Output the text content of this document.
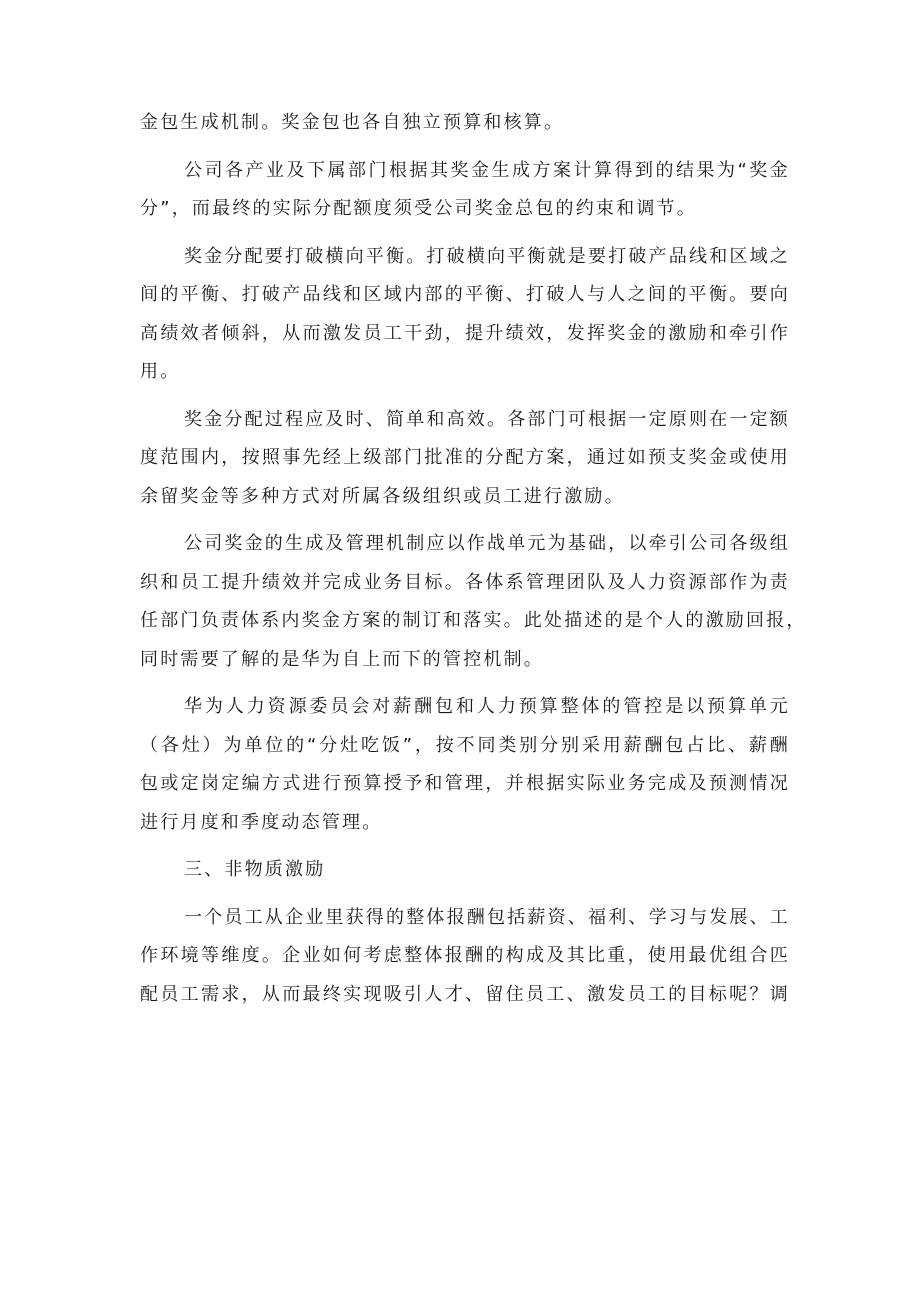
金包生成机制。奖金包也各自独立预算和核算。
公司各产业及下属部门根据其奖金生成方案计算得到的结果为“奖金
分”，而最终的实际分配额度须受公司奖金总包的约束和调节。
奖金分配要打破横向平衡。打破横向平衡就是要打破产品线和区域之
间的平衡、打破产品线和区域内部的平衡、打破人与人之间的平衡。要向
高绩效者倾斜，从而激发员工干劲，提升绩效，发挥奖金的激励和牵引作
用。
奖金分配过程应及时、简单和高效。各部门可根据一定原则在一定额
度范围内，按照事先经上级部门批准的分配方案，通过如预支奖金或使用
余留奖金等多种方式对所属各级组织或员工进行激励。
公司奖金的生成及管理机制应以作战单元为基础，以牵引公司各级组
织和员工提升绩效并完成业务目标。各体系管理团队及人力资源部作为责
任部门负责体系内奖金方案的制订和落实。此处描述的是个人的激励回报，
同时需要了解的是华为自上而下的管控机制。
华为人力资源委员会对薪酬包和人力预算整体的管控是以预算单元
（各灶）为单位的“分灶吃饭”，按不同类别分别采用薪酬包占比、薪酬
包或定岗定编方式进行预算授予和管理，并根据实际业务完成及预测情况
进行月度和季度动态管理。
三、非物质激励
一个员工从企业里获得的整体报酬包括薪资、福利、学习与发展、工
作环境等维度。企业如何考虑整体报酬的构成及其比重，使用最优组合匹
配员工需求，从而最终实现吸引人才、留住员工、激发员工的目标呢？调
